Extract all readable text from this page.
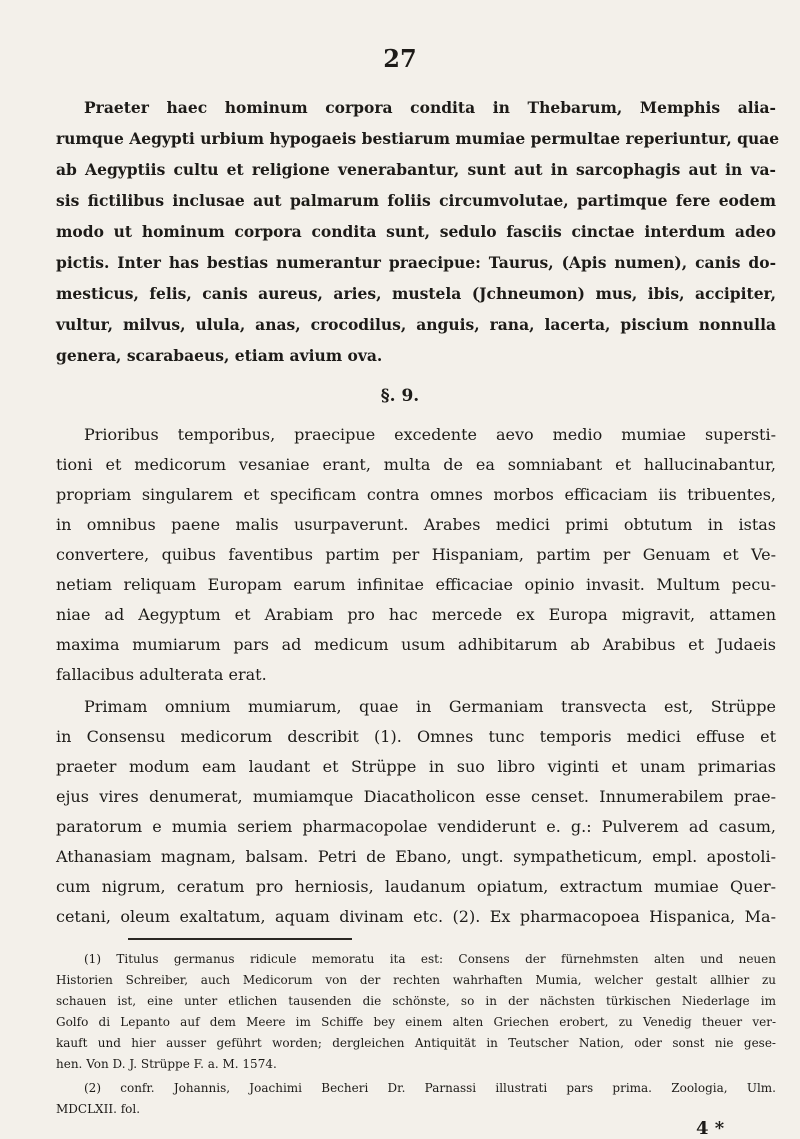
27
Praeter haec hominum corpora condita in Thebarum, Memphis alia-
rumque Aegypti urbium hypogaeis bestiarum mumiae permultae reperiuntur, quae
ab Aegyptiis cultu et religione venerabantur, sunt aut in sarcophagis aut in va-
sis fictilibus inclusae aut palmarum foliis circumvolutae, partimque fere eodem
modo ut hominum corpora condita sunt, sedulo fasciis cinctae interdum adeo
pictis. Inter has bestias numerantur praecipue: Taurus, (Apis numen), canis do-
mesticus, felis, canis aureus, aries, mustela (Jchneumon) mus, ibis, accipiter,
vultur, milvus, ulula, anas, crocodilus, anguis, rana, lacerta, piscium nonnulla
genera, scarabaeus, etiam avium ova.
§. 9.
Prioribus temporibus, praecipue excedente aevo medio mumiae supersti-
tioni et medicorum vesaniae erant, multa de ea somniabant et hallucinabantur,
propriam singularem et specificam contra omnes morbos efficaciam iis tribuentes,
in omnibus paene malis usurpaverunt. Arabes medici primi obtutum in istas
convertere, quibus faventibus partim per Hispaniam, partim per Genuam et Ve-
netiam reliquam Europam earum infinitae efficaciae opinio invasit. Multum pecu-
niae ad Aegyptum et Arabiam pro hac mercede ex Europa migravit, attamen
maxima mumiarum pars ad medicum usum adhibitarum ab Arabibus et Judaeis
fallacibus adulterata erat.
Primam omnium mumiarum, quae in Germaniam transvecta est, Strüppe
in Consensu medicorum describit (1). Omnes tunc temporis medici effuse et
praeter modum eam laudant et Strüppe in suo libro viginti et unam primarias
ejus vires denumerat, mumiamque Diacatholicon esse censet. Innumerabilem prae-
paratorum e mumia seriem pharmacopolae vendiderunt e. g.: Pulverem ad casum,
Athanasiam magnam, balsam. Petri de Ebano, ungt. sympatheticum, empl. apostoli-
cum nigrum, ceratum pro herniosis, laudanum opiatum, extractum mumiae Quer-
cetani, oleum exaltatum, aquam divinam etc. (2). Ex pharmacopoea Hispanica, Ma-
(1) Titulus germanus ridicule memoratu ita est: Consens der fürnehmsten alten und neuen
Historien Schreiber, auch Medicorum von der rechten wahrhaften Mumia, welcher gestalt allhier zu
schauen ist, eine unter etlichen tausenden die schönste, so in der nächsten türkischen Niederlage im
Golfo di Lepanto auf dem Meere im Schiffe bey einem alten Griechen erobert, zu Venedig theuer ver-
kauft und hier ausser geführt worden; dergleichen Antiquität in Teutscher Nation, oder sonst nie gese-
hen. Von D. J. Strüppe F. a. M. 1574.
(2) confr. Johannis, Joachimi Becheri Dr. Parnassi illustrati pars prima. Zoologia, Ulm.
MDCLXII. fol.
4 *
